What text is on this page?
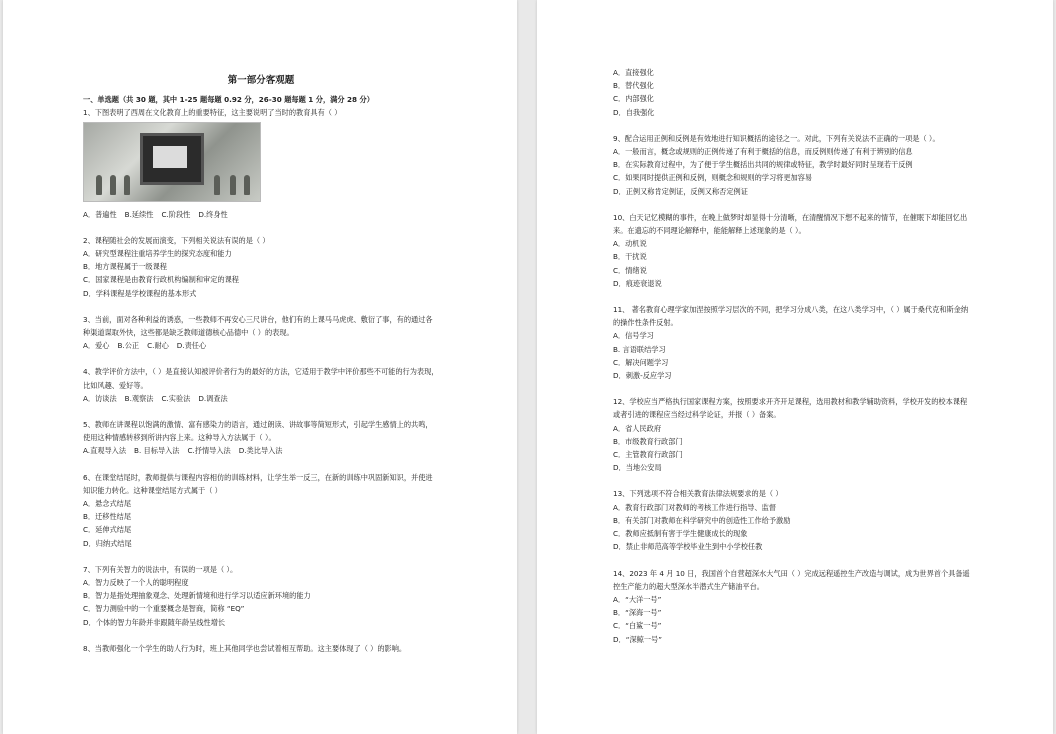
第一部分客观题
一、单选题（共 30 题，其中 1-25 题每题 0.92 分，26-30 题每题 1 分，满分 28 分）
1、下图表明了西周在文化教育上的重要特征，这主要说明了当时的教育具有（ ）
A．普遍性 B.延续性 C.阶段性 D.终身性
2、课程随社会的发展而演变，下列相关说法有误的是（ ）
A．研究型课程注重培养学生的探究态度和能力
B．地方课程属于一级课程
C．国家课程是由教育行政机构编制和审定的课程
D．学科课程是学校课程的基本形式
3、当前，面对各种利益的诱惑，一些教师不再安心三尺讲台，他们有的上课马马虎虎、敷衍了事，有的通过各种渠道谋取外快，这些都是缺乏教师道德核心品德中（ ）的表现。
A．爱心 B.公正 C.耐心 D.责任心
4、教学评价方法中，（ ）是直接认知被评价者行为的最好的方法，它适用于教学中评价那些不可能的行为表现，比如风趣、爱好等。
A．访谈法 B.观察法 C.实验法 D.调查法
5、教师在讲课程以饱满的激情、富有感染力的语言，通过朗读、讲故事等简短形式，引起学生感情上的共鸣，使用这种情感转移到所讲内容上来。这种导入方法属于（ ）。
A.直观导入法 B. 目标导入法 C.抒情导入法 D.类比导入法
6、在课堂结尾时，教师提供与课程内容相仿的训练材料，让学生举一反三，在新的训练中巩固新知识，并使进知识能力转化。这种课堂结尾方式属于（ ）
A．悬念式结尾
B．迁移性结尾
C．延伸式结尾
D．归纳式结尾
7、下列有关智力的说法中，有误的一项是（ ）。
A．智力反映了一个人的聪明程度
B．智力是指处理抽象观念、处理新情境和进行学习以适应新环境的能力
C．智力测验中的一个重要概念是智商，简称 “EQ”
D．个体的智力年龄并非跟随年龄呈线性增长
8、当教师强化一个学生的助人行为时，班上其他同学也尝试着相互帮助。这主要体现了（ ）的影响。
A．直接强化
B．替代强化
C．内部强化
D．自我强化
9、配合运用正例和反例是有效地进行知识概括的途径之一。对此，下列有关说法不正确的一项是（ ）。
A．一般而言，概念或规则的正例传递了有利于概括的信息，而反例则传递了有利于辨别的信息
B．在实际教育过程中，为了便于学生概括出共同的规律或特征，教学时最好同时呈现若干反例
C．如果同时提供正例和反例，则概念和规则的学习将更加容易
D．正例又称肯定例证，反例又称否定例证
10、白天记忆模糊的事件，在晚上做梦时却显得十分清晰，在清醒情况下想不起来的情节，在催眠下却能回忆出来。在遗忘的不同理论解释中，能能解释上述现象的是（ ）。
A．动机说
B．干扰说
C．情绪说
D．痕迹衰退说
11、 著名教育心理学家加涅按照学习层次的不同，把学习分成八类，在这八类学习中，（ ）属于桑代克和斯金纳的操作性条件反射。
A．信号学习
B. 言语联结学习
C．解决问题学习
D．刺激-反应学习
12、学校应当严格执行国家课程方案，按照要求开齐开足课程，选用教材和教学辅助资料，学校开发的校本课程或者引进的课程应当经过科学论证，并报（ ）备案。
A．省人民政府
B．市级教育行政部门
C．主管教育行政部门
D．当地公安局
13、下列选项不符合相关教育法律法规要求的是（ ）
A．教育行政部门对教师的考核工作进行指导、监督
B．有关部门对教师在科学研究中的创造性工作给予激励
C．教师应抵制有害于学生健康成长的现象
D．禁止非师范高等学校毕业生到中小学校任教
14、2023 年 4 月 10 日，我国首个自营超深水大气田（ ）完成远程遥控生产改造与调试，成为世界首个具备遥控生产能力的超大型深水半潜式生产储油平台。
A．“大洋一号”
B．“深海一号”
C．“白鲨一号”
D．“深鲸一号”
